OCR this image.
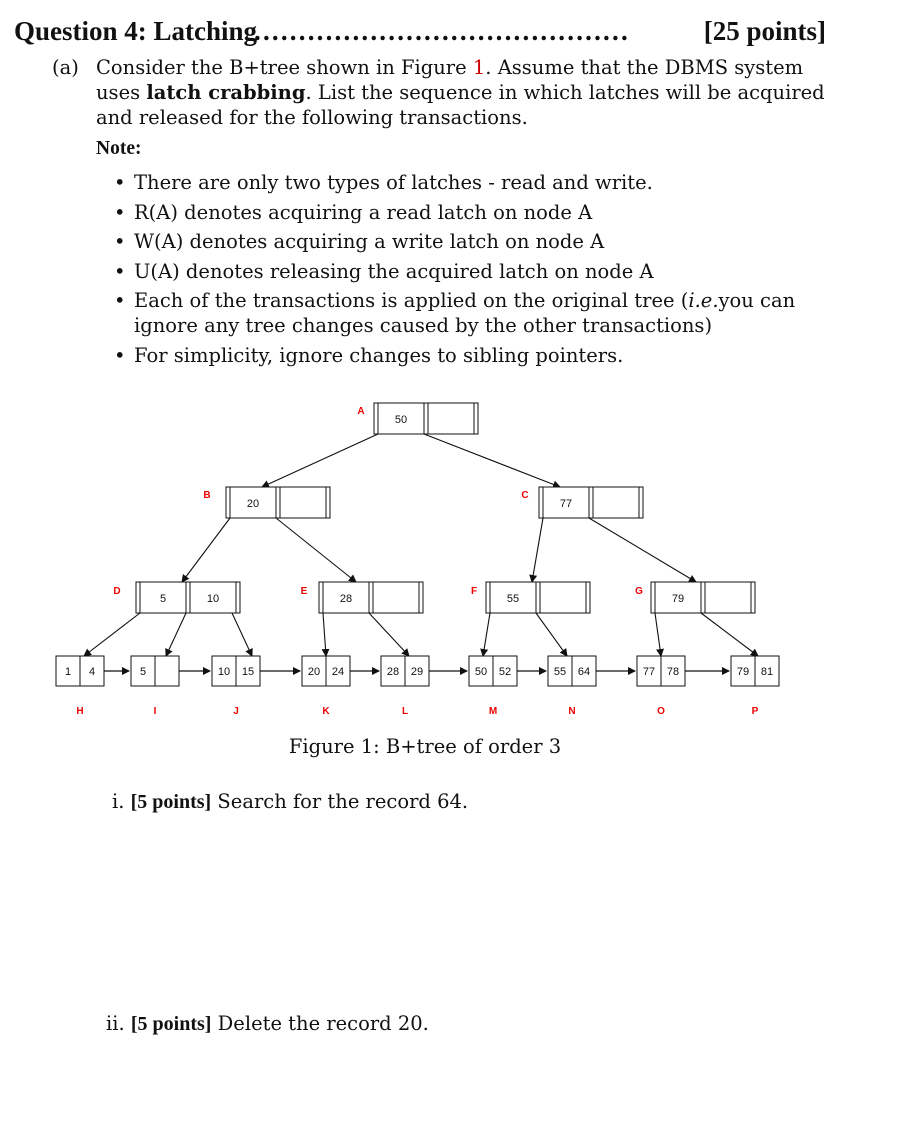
Question 4: Latching
..........................................	[25 points]
(a) Consider the B+tree shown in Figure 1. Assume that the DBMS system uses latch crabbing. List the sequence in which latches will be acquired and released for the following transactions.
Note:
• There are only two types of latches - read and write.
• R(A) denotes acquiring a read latch on node A
• W(A) denotes acquiring a write latch on node A
• U(A) denotes releasing the acquired latch on node A
• Each of the transactions is applied on the original tree (i.e.you can ignore any tree changes caused by the other transactions)
• For simplicity, ignore changes to sibling pointers.
A
50
B
20
C
77
D
5	10
E
28
F
55
G
79
1 4
H
5
I
10 15
J
20 24
K
28 29
L
50 52
M
55 64
N
77 78
O
79 81
P
Figure 1: B+tree of order 3
i. [5 points] Search for the record 64.
ii. [5 points] Delete the record 20.
